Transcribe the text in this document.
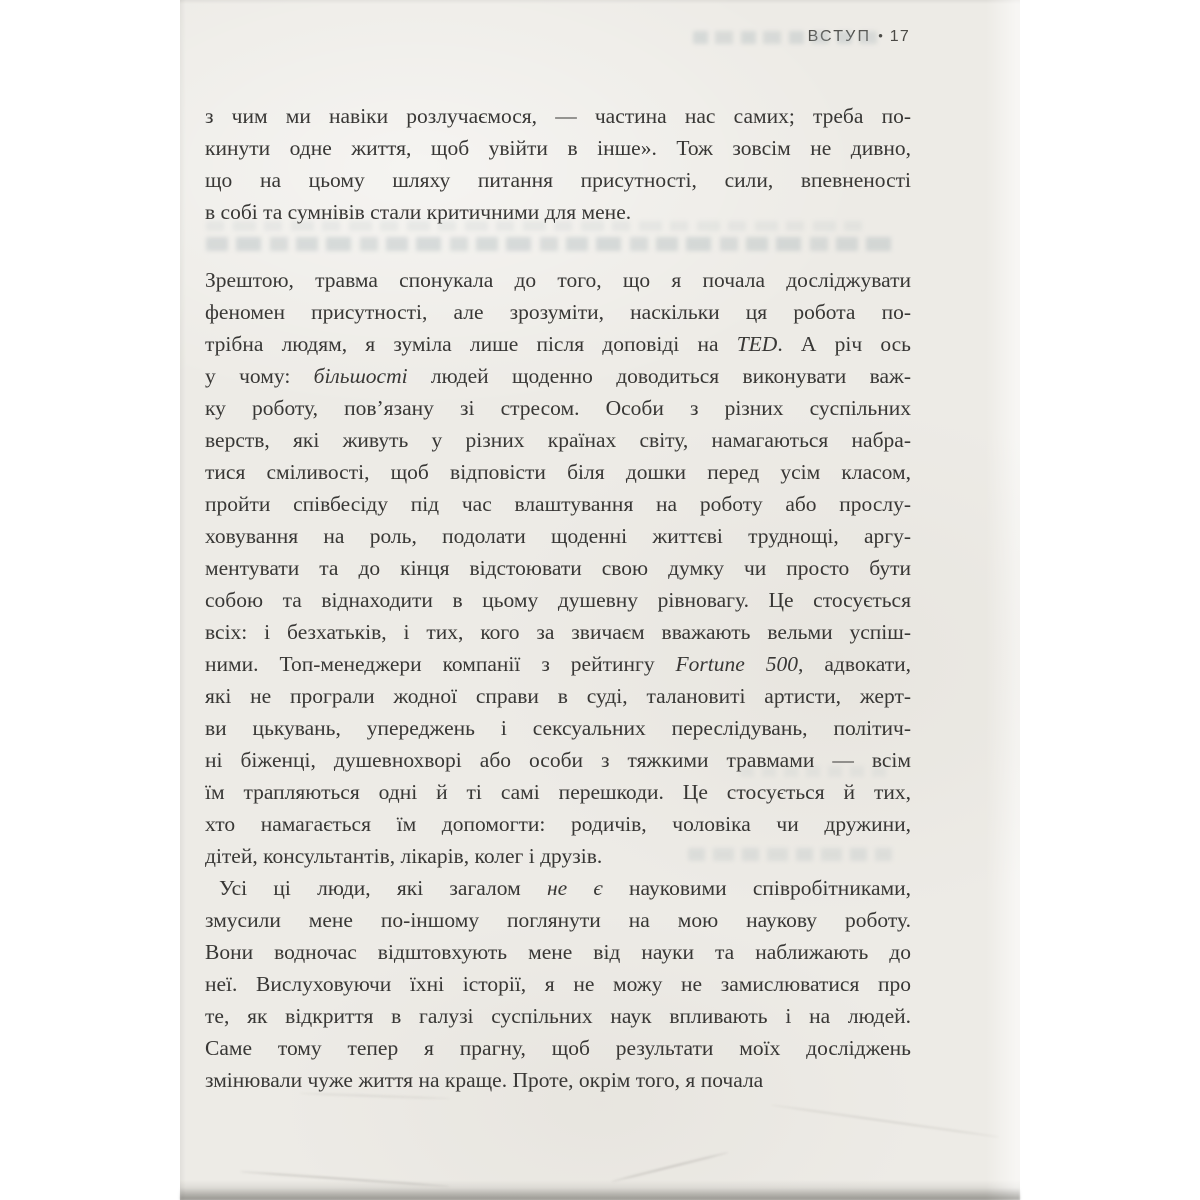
ВСТУП • 17
з чим ми навіки розлучаємося, — частина нас самих; треба по-
кинути одне життя, щоб увійти в інше». Тож зовсім не дивно,
що на цьому шляху питання присутності, сили, впевненості
в собі та сумнівів стали критичними для мене.
Зрештою, травма спонукала до того, що я почала досліджувати
феномен присутності, але зрозуміти, наскільки ця робота по-
трібна людям, я зуміла лише після доповіді на TED. А річ ось
у чому: більшості людей щоденно доводиться виконувати важ-
ку роботу, пов’язану зі стресом. Особи з різних суспільних
верств, які живуть у різних країнах світу, намагаються набра-
тися сміливості, щоб відповісти біля дошки перед усім класом,
пройти співбесіду під час влаштування на роботу або прослу-
ховування на роль, подолати щоденні життєві труднощі, аргу-
ментувати та до кінця відстоювати свою думку чи просто бути
собою та віднаходити в цьому душевну рівновагу. Це стосується
всіх: і безхатьків, і тих, кого за звичаєм вважають вельми успіш-
ними. Топ-менеджери компанії з рейтингу Fortune 500, адвокати,
які не програли жодної справи в суді, талановиті артисти, жерт-
ви цькувань, упереджень і сексуальних переслідувань, політич-
ні біженці, душевнохворі або особи з тяжкими травмами — всім
їм трапляються одні й ті самі перешкоди. Це стосується й тих,
хто намагається їм допомогти: родичів, чоловіка чи дружини,
дітей, консультантів, лікарів, колег і друзів.
Усі ці люди, які загалом не є науковими співробітниками,
змусили мене по-іншому поглянути на мою наукову роботу.
Вони водночас відштовхують мене від науки та наближають до
неї. Вислуховуючи їхні історії, я не можу не замислюватися про
те, як відкриття в галузі суспільних наук впливають і на людей.
Саме тому тепер я прагну, щоб результати моїх досліджень
змінювали чуже життя на краще. Проте, окрім того, я почала
